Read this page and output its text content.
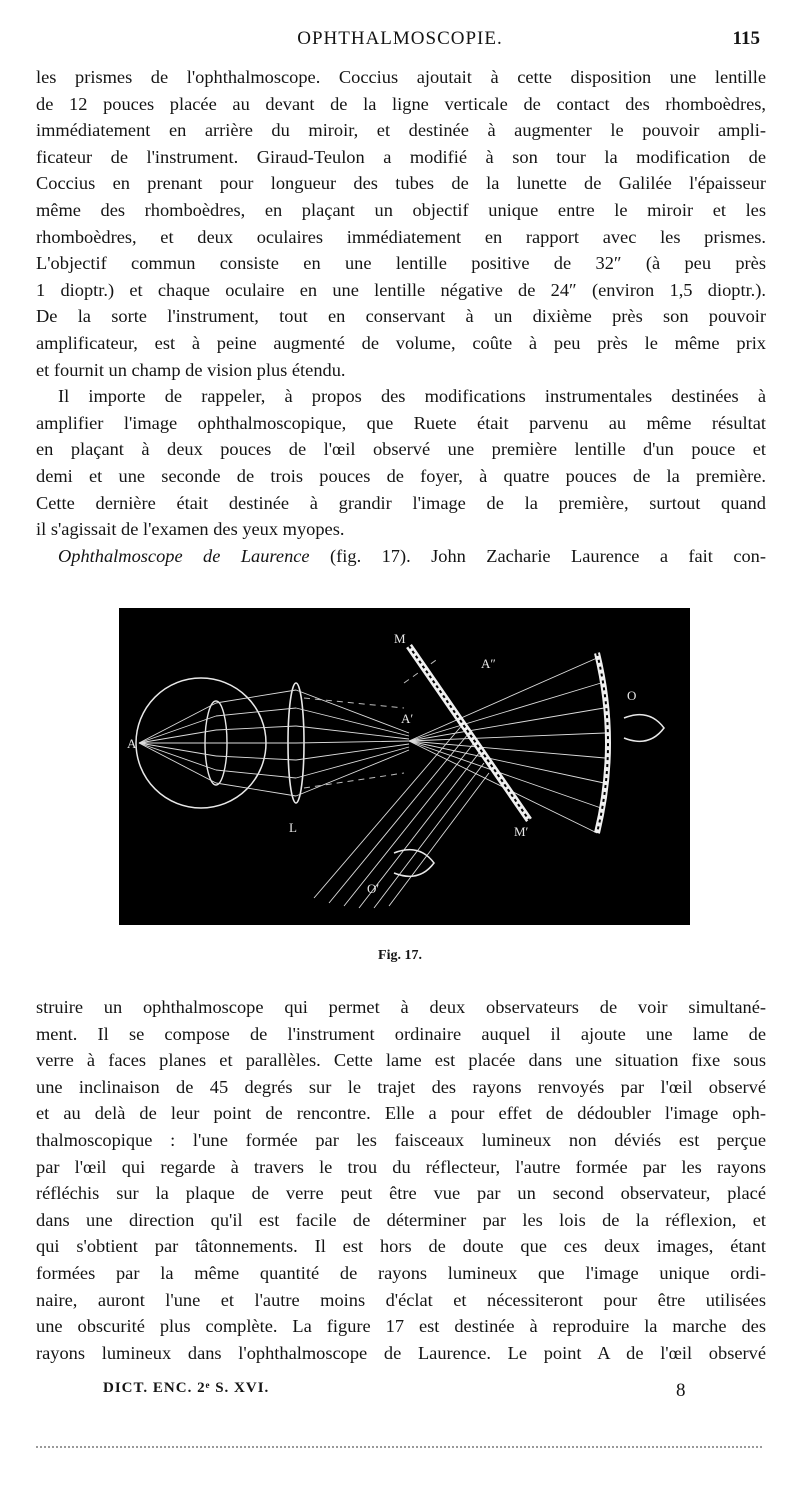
OPHTHALMOSCOPIE.	115
les prismes de l'ophthalmoscope. Coccius ajoutait à cette disposition une lentille
de 12 pouces placée au devant de la ligne verticale de contact des rhomboèdres,
immédiatement en arrière du miroir, et destinée à augmenter le pouvoir ampli-
ficateur de l'instrument. Giraud-Teulon a modifié à son tour la modification de
Coccius en prenant pour longueur des tubes de la lunette de Galilée l'épaisseur
même des rhomboèdres, en plaçant un objectif unique entre le miroir et les
rhomboèdres, et deux oculaires immédiatement en rapport avec les prismes.
L'objectif commun consiste en une lentille positive de 32″ (à peu près
1 dioptr.) et chaque oculaire en une lentille négative de 24″ (environ 1,5 dioptr.).
De la sorte l'instrument, tout en conservant à un dixième près son pouvoir
amplificateur, est à peine augmenté de volume, coûte à peu près le même prix
et fournit un champ de vision plus étendu.
Il importe de rappeler, à propos des modifications instrumentales destinées à
amplifier l'image ophthalmoscopique, que Ruete était parvenu au même résultat
en plaçant à deux pouces de l'œil observé une première lentille d'un pouce et
demi et une seconde de trois pouces de foyer, à quatre pouces de la première.
Cette dernière était destinée à grandir l'image de la première, surtout quand
il s'agissait de l'examen des yeux myopes.
Ophthalmoscope de Laurence (fig. 17). John Zacharie Laurence a fait con-
A
L
M
M′
A′
A″
O
O′
Fig. 17.
struire un ophthalmoscope qui permet à deux observateurs de voir simultané-
ment. Il se compose de l'instrument ordinaire auquel il ajoute une lame de
verre à faces planes et parallèles. Cette lame est placée dans une situation fixe sous
une inclinaison de 45 degrés sur le trajet des rayons renvoyés par l'œil observé
et au delà de leur point de rencontre. Elle a pour effet de dédoubler l'image oph-
thalmoscopique : l'une formée par les faisceaux lumineux non déviés est perçue
par l'œil qui regarde à travers le trou du réflecteur, l'autre formée par les rayons
réfléchis sur la plaque de verre peut être vue par un second observateur, placé
dans une direction qu'il est facile de déterminer par les lois de la réflexion, et
qui s'obtient par tâtonnements. Il est hors de doute que ces deux images, étant
formées par la même quantité de rayons lumineux que l'image unique ordi-
naire, auront l'une et l'autre moins d'éclat et nécessiteront pour être utilisées
une obscurité plus complète. La figure 17 est destinée à reproduire la marche des
rayons lumineux dans l'ophthalmoscope de Laurence. Le point A de l'œil observé
DICT. ENC. 2ᵉ S. XVI.	8
